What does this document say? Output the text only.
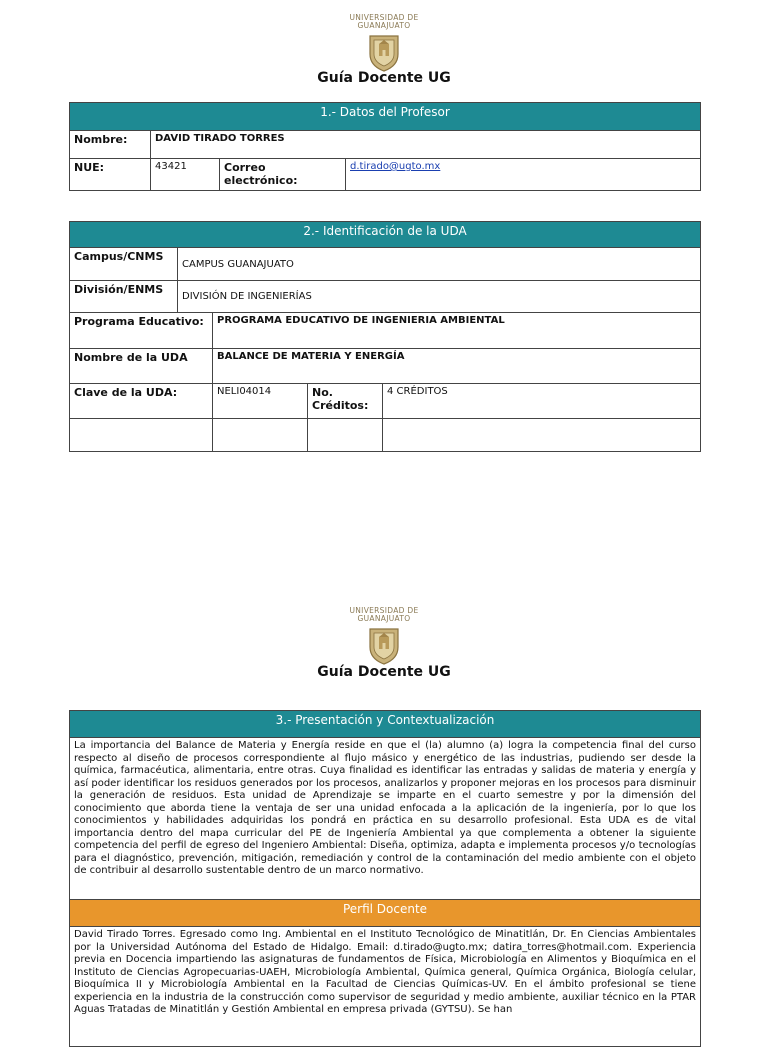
UNIVERSIDAD DE
GUANAJUATO
Guía Docente UG
1.- Datos del Profesor			
Nombre:	DAVID TIRADO TORRES		
NUE:	43421	Correo electrónico:	d.tirado@ugto.mx
2.- Identificación de la UDA				
Campus/CNMS	CAMPUS GUANAJUATO			
División/ENMS	DIVISIÓN DE INGENIERÍAS			
Programa Educativo:		PROGRAMA EDUCATIVO DE INGENIERIA AMBIENTAL		
Nombre de la UDA		BALANCE DE MATERIA Y ENERGÍA		
Clave de la UDA:		NELI04014	No. Créditos:	4 CRÉDITOS

UNIVERSIDAD DE
GUANAJUATO
Guía Docente UG
3.- Presentación y Contextualización
La importancia del Balance de Materia y Energía reside en que el (la) alumno (a) logra la competencia final del curso respecto al diseño de procesos correspondiente al flujo másico y energético de las industrias, pudiendo ser desde la química, farmacéutica, alimentaria, entre otras. Cuya finalidad es identificar las entradas y salidas de materia y energía y así poder identificar los residuos generados por los procesos, analizarlos y proponer mejoras en los procesos para disminuir la generación de residuos. Esta unidad de Aprendizaje se imparte en el cuarto semestre y por la dimensión del conocimiento que aborda tiene la ventaja de ser una unidad enfocada a la aplicación de la ingeniería, por lo que los conocimientos y habilidades adquiridas los pondrá en práctica en su desarrollo profesional. Esta UDA es de vital importancia dentro del mapa curricular del PE de Ingeniería Ambiental ya que complementa a obtener la siguiente competencia del perfil de egreso del Ingeniero Ambiental: Diseña, optimiza, adapta e implementa procesos y/o tecnologías para el diagnóstico, prevención, mitigación, remediación y control de la contaminación del medio ambiente con el objeto de contribuir al desarrollo sustentable dentro de un marco normativo.
Perfil Docente
David Tirado Torres. Egresado como Ing. Ambiental en el Instituto Tecnológico de Minatitlán, Dr. En Ciencias Ambientales por la Universidad Autónoma del Estado de Hidalgo. Email: d.tirado@ugto.mx; datira_torres@hotmail.com. Experiencia previa en Docencia impartiendo las asignaturas de fundamentos de Física, Microbiología en Alimentos y Bioquímica en el Instituto de Ciencias Agropecuarias-UAEH, Microbiología Ambiental, Química general, Química Orgánica, Biología celular, Bioquímica II y Microbiología Ambiental en la Facultad de Ciencias Químicas-UV. En el ámbito profesional se tiene experiencia en la industria de la construcción como supervisor de seguridad y medio ambiente, auxiliar técnico en la PTAR Aguas Tratadas de Minatitlán y Gestión Ambiental en empresa privada (GYTSU). Se han
